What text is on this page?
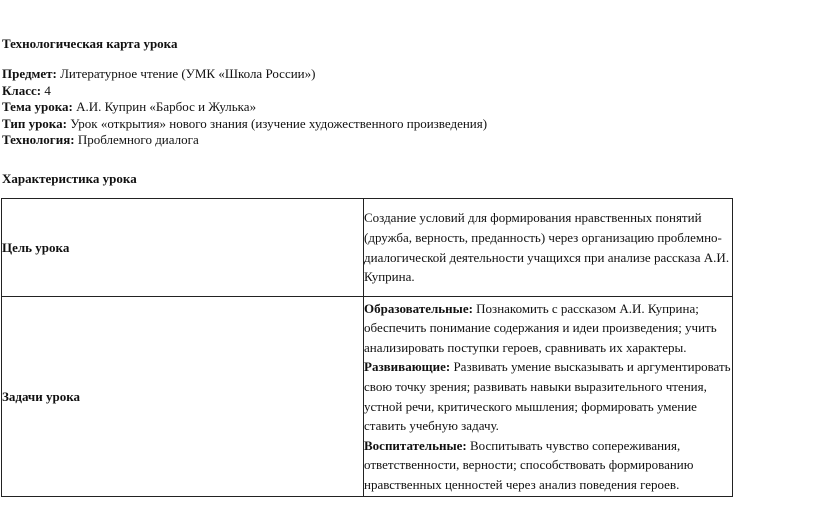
Технологическая карта урока
Предмет: Литературное чтение (УМК «Школа России»)
Класс: 4
Тема урока: А.И. Куприн «Барбос и Жулька»
Тип урока: Урок «открытия» нового знания (изучение художественного произведения)
Технология: Проблемного диалога
Характеристика урока
Цель урока	Создание условий для формирования нравственных понятий (дружба, верность, преданность) через организацию проблемно-диалогической деятельности учащихся при анализе рассказа А.И. Куприна.
Задачи урока	Образовательные: Познакомить с рассказом А.И. Куприна; обеспечить понимание содержания и идеи произведения; учить анализировать поступки героев, сравнивать их характеры.

Развивающие: Развивать умение высказывать и аргументировать свою точку зрения; развивать навыки выразительного чтения, устной речи, критического мышления; формировать умение ставить учебную задачу.

Воспитательные: Воспитывать чувство сопереживания, ответственности, верности; способствовать формированию нравственных ценностей через анализ поведения героев.
